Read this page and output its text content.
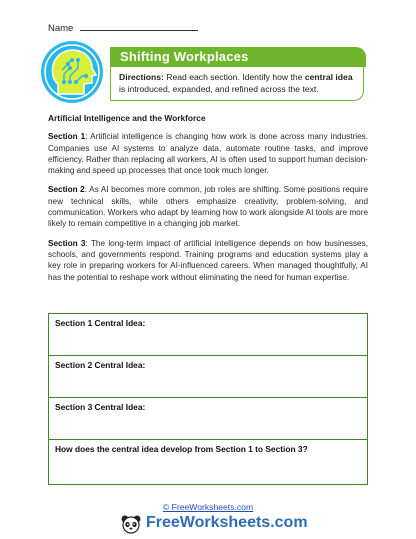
Name
Shifting Workplaces

Directions: Read each section. Identify how the central idea is introduced, expanded, and refined across the text.

Artificial Intelligence and the Workforce

Section 1: Artificial intelligence is changing how work is done across many industries. Companies use AI systems to analyze data, automate routine tasks, and improve efficiency. Rather than replacing all workers, AI is often used to support human decision-making and speed up processes that once took much longer.

Section 2: As AI becomes more common, job roles are shifting. Some positions require new technical skills, while others emphasize creativity, problem-solving, and communication. Workers who adapt by learning how to work alongside AI tools are more likely to remain competitive in a changing job market.

Section 3: The long-term impact of artificial intelligence depends on how businesses, schools, and governments respond. Training programs and education systems play a key role in preparing workers for AI-influenced careers. When managed thoughtfully, AI has the potential to reshape work without eliminating the need for human expertise.

Section 1 Central Idea:
Section 2 Central Idea:
Section 3 Central Idea:
How does the central idea develop from Section 1 to Section 3?
© FreeWorksheets.com
FreeWorksheets.com
